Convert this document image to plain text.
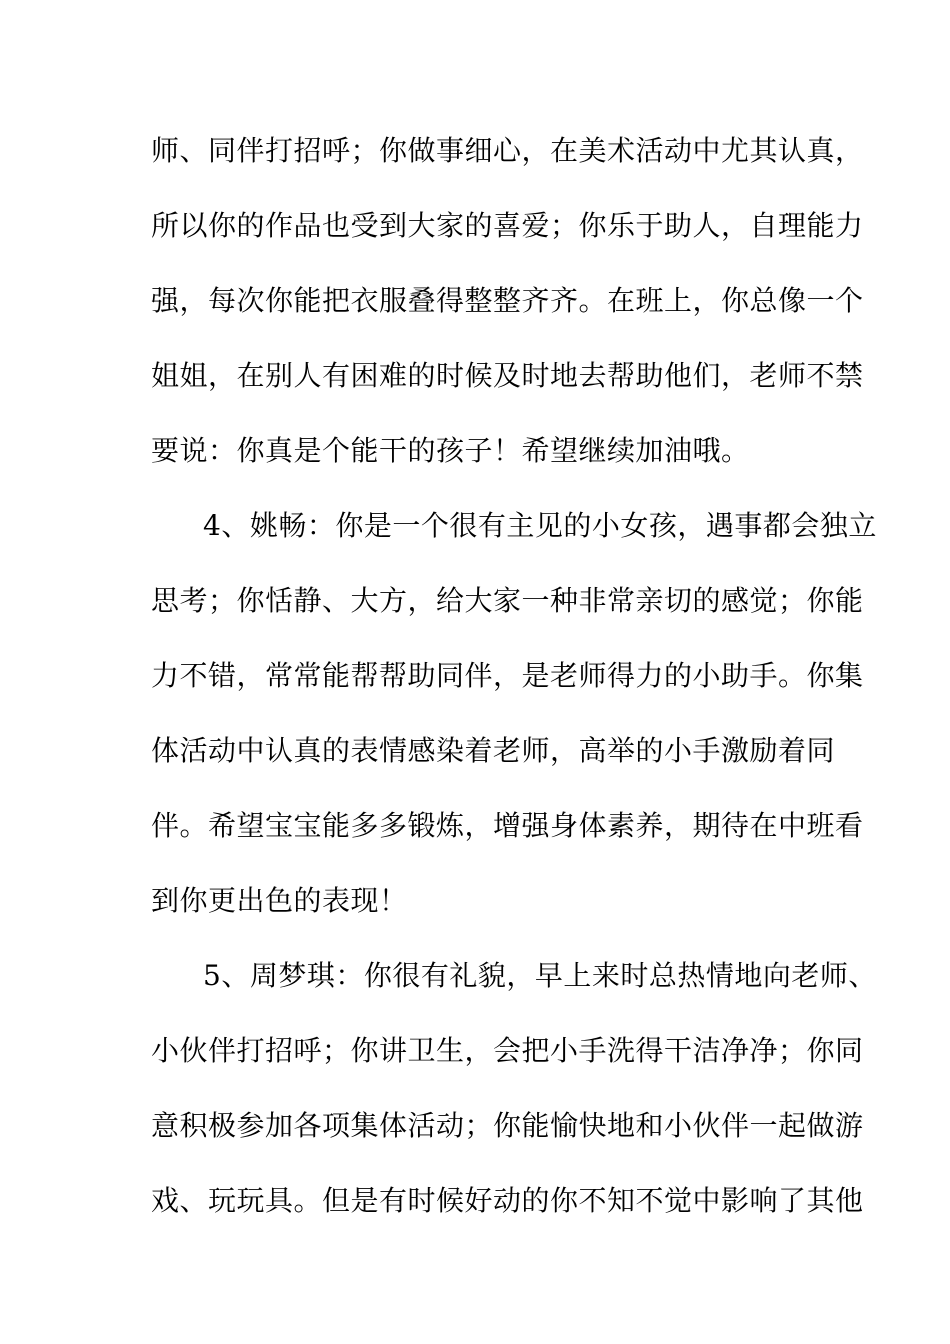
师、同伴打招呼；你做事细心，在美术活动中尤其认真，
所以你的作品也受到大家的喜爱；你乐于助人，自理能力
强，每次你能把衣服叠得整整齐齐。在班上，你总像一个
姐姐，在别人有困难的时候及时地去帮助他们，老师不禁
要说：你真是个能干的孩子！希望继续加油哦。
4、姚畅：你是一个很有主见的小女孩，遇事都会独立
思考；你恬静、大方，给大家一种非常亲切的感觉；你能
力不错，常常能帮帮助同伴，是老师得力的小助手。你集
体活动中认真的表情感染着老师，高举的小手激励着同
伴。希望宝宝能多多锻炼，增强身体素养，期待在中班看
到你更出色的表现！
5、周梦琪：你很有礼貌，早上来时总热情地向老师、
小伙伴打招呼；你讲卫生，会把小手洗得干洁净净；你同
意积极参加各项集体活动；你能愉快地和小伙伴一起做游
戏、玩玩具。但是有时候好动的你不知不觉中影响了其他
